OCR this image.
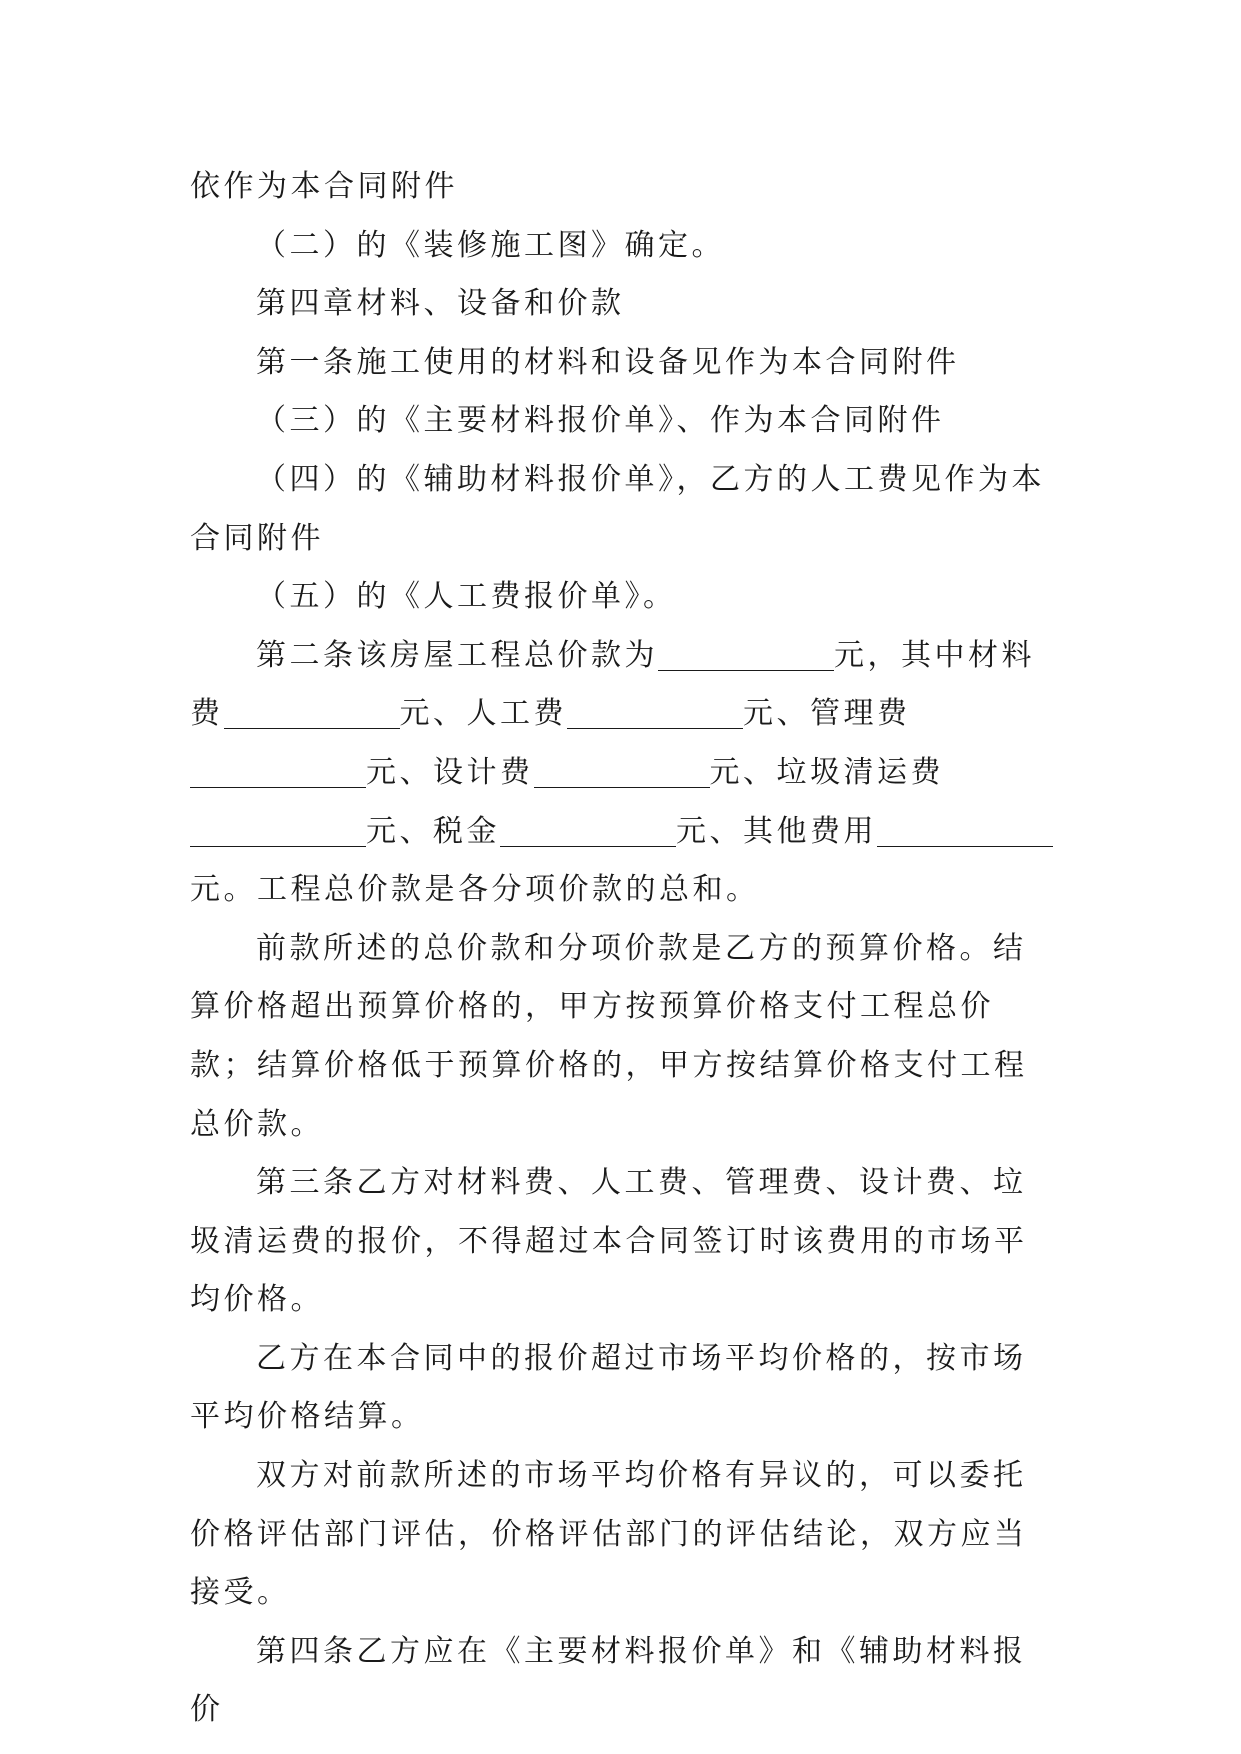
依作为本合同附件

（二）的《装修施工图》确定。

第四章材料、设备和价款

第一条施工使用的材料和设备见作为本合同附件

（三）的《主要材料报价单》、作为本合同附件

（四）的《辅助材料报价单》，乙方的人工费见作为本合同附件

（五）的《人工费报价单》。

第二条该房屋工程总价款为	元，其中材料费	元、人工费	元、管理费元、设计费	元、垃圾清运费元、税金	元、其他费用元。工程总价款是各分项价款的总和。

前款所述的总价款和分项价款是乙方的预算价格。结算价格超出预算价格的，甲方按预算价格支付工程总价款；结算价格低于预算价格的，甲方按结算价格支付工程总价款。

第三条乙方对材料费、人工费、管理费、设计费、垃圾清运费的报价，不得超过本合同签订时该费用的市场平均价格。

乙方在本合同中的报价超过市场平均价格的，按市场平均价格结算。

双方对前款所述的市场平均价格有异议的，可以委托价格评估部门评估，价格评估部门的评估结论，双方应当接受。

第四条乙方应在《主要材料报价单》和《辅助材料报价
